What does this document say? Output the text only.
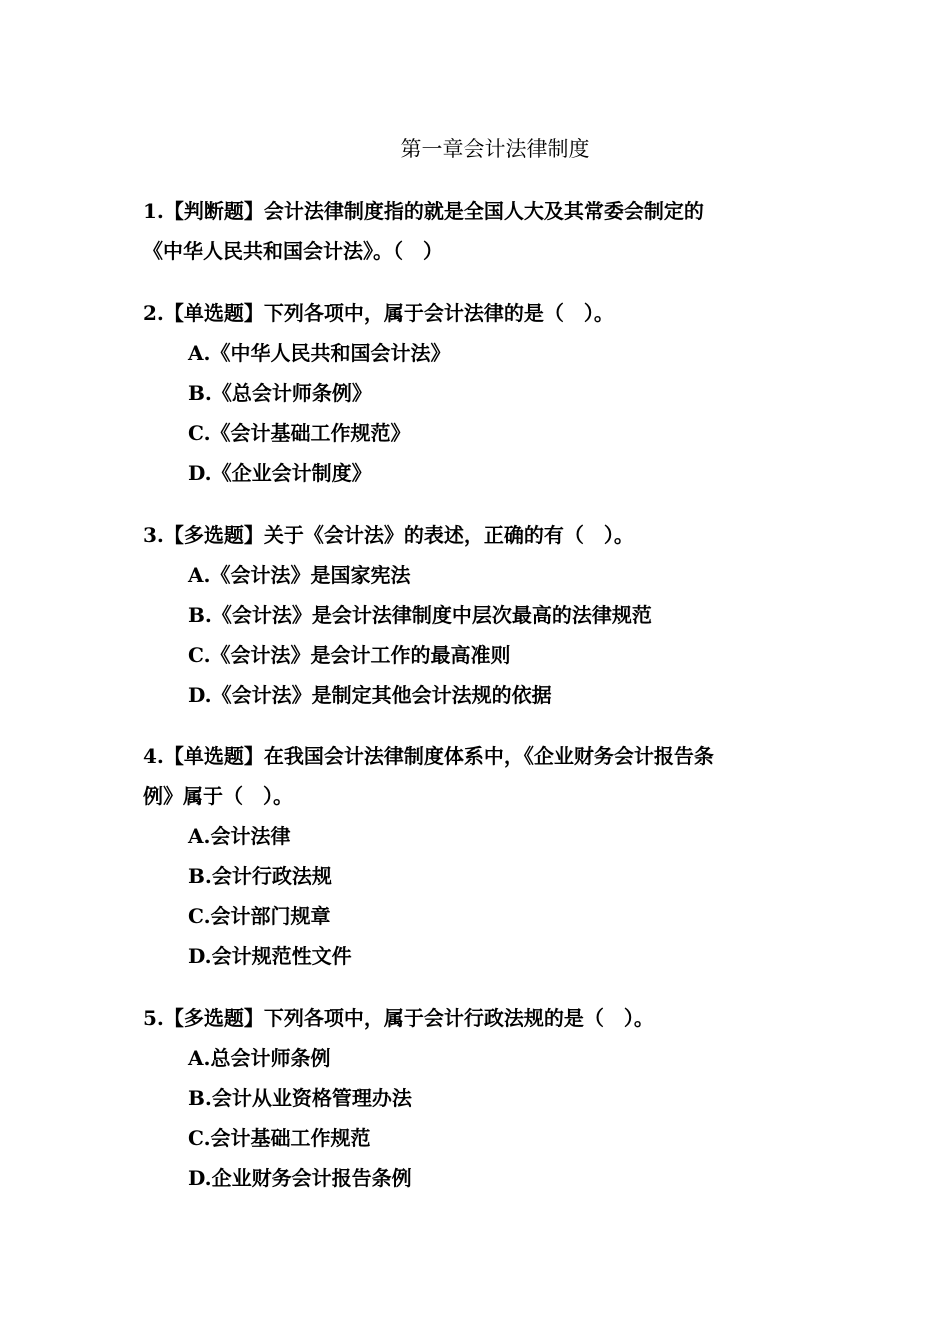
第一章会计法律制度
1.【判断题】会计法律制度指的就是全国人大及其常委会制定的
《中华人民共和国会计法》。（　）
2.【单选题】下列各项中，属于会计法律的是（　）。
A.《中华人民共和国会计法》
B.《总会计师条例》
C.《会计基础工作规范》
D.《企业会计制度》
3.【多选题】关于《会计法》的表述，正确的有（　）。
A.《会计法》是国家宪法
B.《会计法》是会计法律制度中层次最高的法律规范
C.《会计法》是会计工作的最高准则
D.《会计法》是制定其他会计法规的依据
4.【单选题】在我国会计法律制度体系中，《企业财务会计报告条
例》属于（　）。
A.会计法律
B.会计行政法规
C.会计部门规章
D.会计规范性文件
5.【多选题】下列各项中，属于会计行政法规的是（　）。
A.总会计师条例
B.会计从业资格管理办法
C.会计基础工作规范
D.企业财务会计报告条例
